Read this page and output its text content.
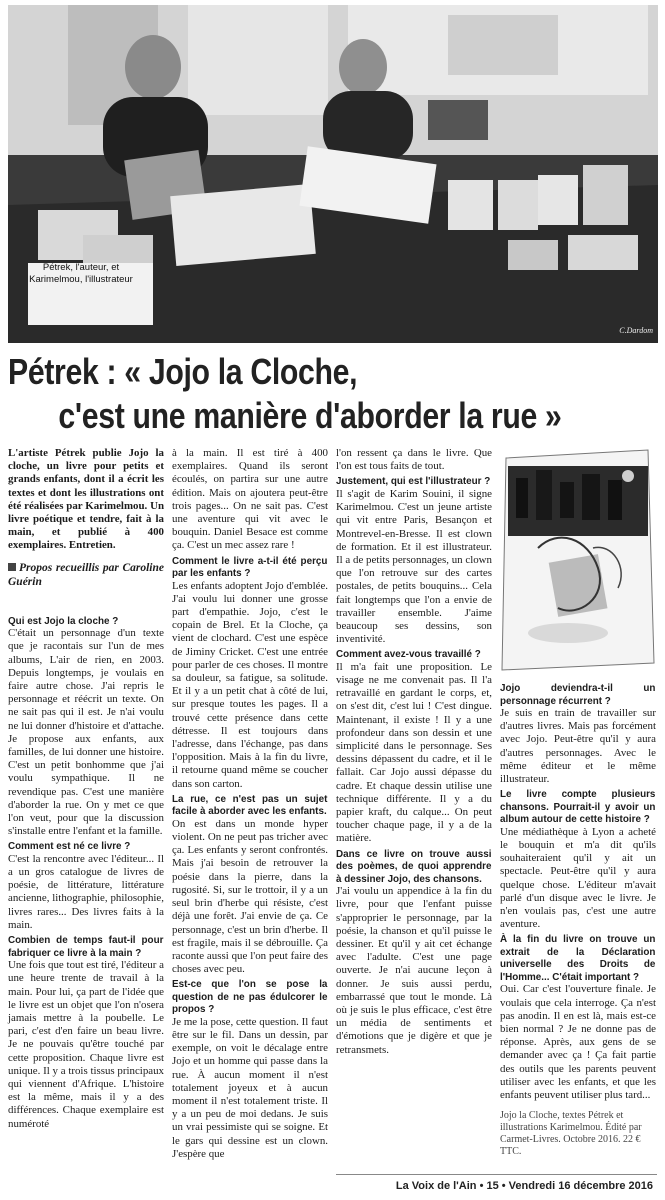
Pétrek, l'auteur, et Karimelmou, l'illustrateur
C.Dardom
Pétrek : « Jojo la Cloche,
c'est une manière d'aborder la rue »

L'artiste Pétrek publie Jojo la cloche, un livre pour petits et grands enfants, dont il a écrit les textes et dont les illustrations ont été réalisées par Karimelmou. Un livre poétique et tendre, fait à la main, et publié à 400 exemplaires. Entretien.

Propos recueillis par Caroline Guérin

Qui est Jojo la cloche ?

C'était un personnage d'un texte que je racontais sur l'un de mes albums, L'air de rien, en 2003. Depuis longtemps, je voulais en faire autre chose. J'ai repris le personnage et réécrit un texte. On ne sait pas qui il est. Je n'ai voulu ne lui donner d'histoire et d'attache. Je propose aux enfants, aux familles, de lui donner une histoire. C'est un petit bonhomme que j'ai voulu sympathique. Il ne revendique pas. C'est une manière d'aborder la rue. On y met ce que l'on veut, pour que la discussion s'installe entre l'enfant et la famille.

Comment est né ce livre ?

C'est la rencontre avec l'éditeur... Il a un gros catalogue de livres de poésie, de littérature, littérature ancienne, lithographie, philosophie, livres rares... Des livres faits à la main.

Combien de temps faut-il pour fabriquer ce livre à la main ?

Une fois que tout est tiré, l'éditeur a une heure trente de travail à la main. Pour lui, ça part de l'idée que le livre est un objet que l'on n'osera jamais mettre à la poubelle. Le pari, c'est d'en faire un beau livre. Je ne pouvais qu'être touché par cette proposition. Chaque livre est unique. Il y a trois tissus principaux qui viennent d'Afrique. L'histoire est la même, mais il y a des différences. Chaque exemplaire est numéroté

à la main. Il est tiré à 400 exemplaires. Quand ils seront écoulés, on partira sur une autre édition. Mais on ajoutera peut-être trois pages... On ne sait pas. C'est une aventure qui vit avec le bouquin. Daniel Besace est comme ça. C'est un mec assez rare !

Comment le livre a-t-il été perçu par les enfants ?

Les enfants adoptent Jojo d'emblée. J'ai voulu lui donner une grosse part d'empathie. Jojo, c'est le copain de Brel. Et la Cloche, ça vient de clochard. C'est une espèce de Jiminy Cricket. C'est une entrée pour parler de ces choses. Il montre sa douleur, sa fatigue, sa solitude. Et il y a un petit chat à côté de lui, sur presque toutes les pages. Il a trouvé cette présence dans cette détresse. Il est toujours dans l'adresse, dans l'échange, pas dans l'opposition. Mais à la fin du livre, il retourne quand même se coucher dans son carton.

La rue, ce n'est pas un sujet facile à aborder avec les enfants.

On est dans un monde hyper violent. On ne peut pas tricher avec ça. Les enfants y seront confrontés. Mais j'ai besoin de retrouver la poésie dans la pierre, dans la rugosité. Si, sur le trottoir, il y a un seul brin d'herbe qui résiste, c'est déjà une forêt. J'ai envie de ça. Ce personnage, c'est un brin d'herbe. Il est fragile, mais il se débrouille. Ça raconte aussi que l'on peut faire des choses avec peu.

Est-ce que l'on se pose la question de ne pas édulcorer le propos ?

Je me la pose, cette question. Il faut être sur le fil. Dans un dessin, par exemple, on voit le décalage entre Jojo et un homme qui passe dans la rue. À aucun moment il n'est totalement joyeux et à aucun moment il n'est totalement triste. Il y a un peu de moi dedans. Je suis un vrai pessimiste qui se soigne. Et le gars qui dessine est un clown. J'espère que

l'on ressent ça dans le livre. Que l'on est tous faits de tout.

Justement, qui est l'illustrateur ?

Il s'agit de Karim Souini, il signe Karimelmou. C'est un jeune artiste qui vit entre Paris, Besançon et Montrevel-en-Bresse. Il est clown de formation. Et il est illustrateur. Il a de petits personnages, un clown que l'on retrouve sur des cartes postales, de petits bouquins... Cela fait longtemps que l'on a envie de travailler ensemble. J'aime beaucoup ses dessins, son inventivité.

Comment avez-vous travaillé ?

Il m'a fait une proposition. Le visage ne me convenait pas. Il l'a retravaillé en gardant le corps, et, on s'est dit, c'est lui ! C'est dingue. Maintenant, il existe ! Il y a une profondeur dans son dessin et une simplicité dans le personnage. Ses dessins dépassent du cadre, et il le fallait. Car Jojo aussi dépasse du cadre. Et chaque dessin utilise une technique différente. Il y a du papier kraft, du calque... On peut toucher chaque page, il y a de la matière.

Dans ce livre on trouve aussi des poèmes, de quoi apprendre à dessiner Jojo, des chansons.

J'ai voulu un appendice à la fin du livre, pour que l'enfant puisse s'approprier le personnage, par la poésie, la chanson et qu'il puisse le dessiner. Et qu'il y ait cet échange avec l'adulte. C'est une page ouverte. Je n'ai aucune leçon à donner. Je suis aussi perdu, embarrassé que tout le monde. Là où je suis le plus efficace, c'est être un média de sentiments et d'émotions que je digère et que je retransmets.

Jojo deviendra-t-il un personnage récurrent ?

Je suis en train de travailler sur d'autres livres. Mais pas forcément avec Jojo. Peut-être qu'il y aura d'autres personnages. Avec le même éditeur et le même illustrateur.

Le livre compte plusieurs chansons. Pourrait-il y avoir un album autour de cette histoire ?

Une médiathèque à Lyon a acheté le bouquin et m'a dit qu'ils souhaiteraient qu'il y ait un spectacle. Peut-être qu'il y aura quelque chose. L'éditeur m'avait parlé d'un disque avec le livre. Je n'en voulais pas, c'est une autre aventure.

À la fin du livre on trouve un extrait de la Déclaration universelle des Droits de l'Homme... C'était important ?

Oui. Car c'est l'ouverture finale. Je voulais que cela interroge. Ça n'est pas anodin. Il en est là, mais est-ce bien normal ? Je ne donne pas de réponse. Après, aux gens de se demander avec ça ! Ça fait partie des outils que les parents peuvent utiliser avec les enfants, et que les enfants peuvent utiliser plus tard...

Jojo la Cloche, textes Pétrek et illustrations Karimelmou. Édité par Carmet-Livres. Octobre 2016. 22 € TTC.
La Voix de l'Ain • 15 • Vendredi 16 décembre 2016
